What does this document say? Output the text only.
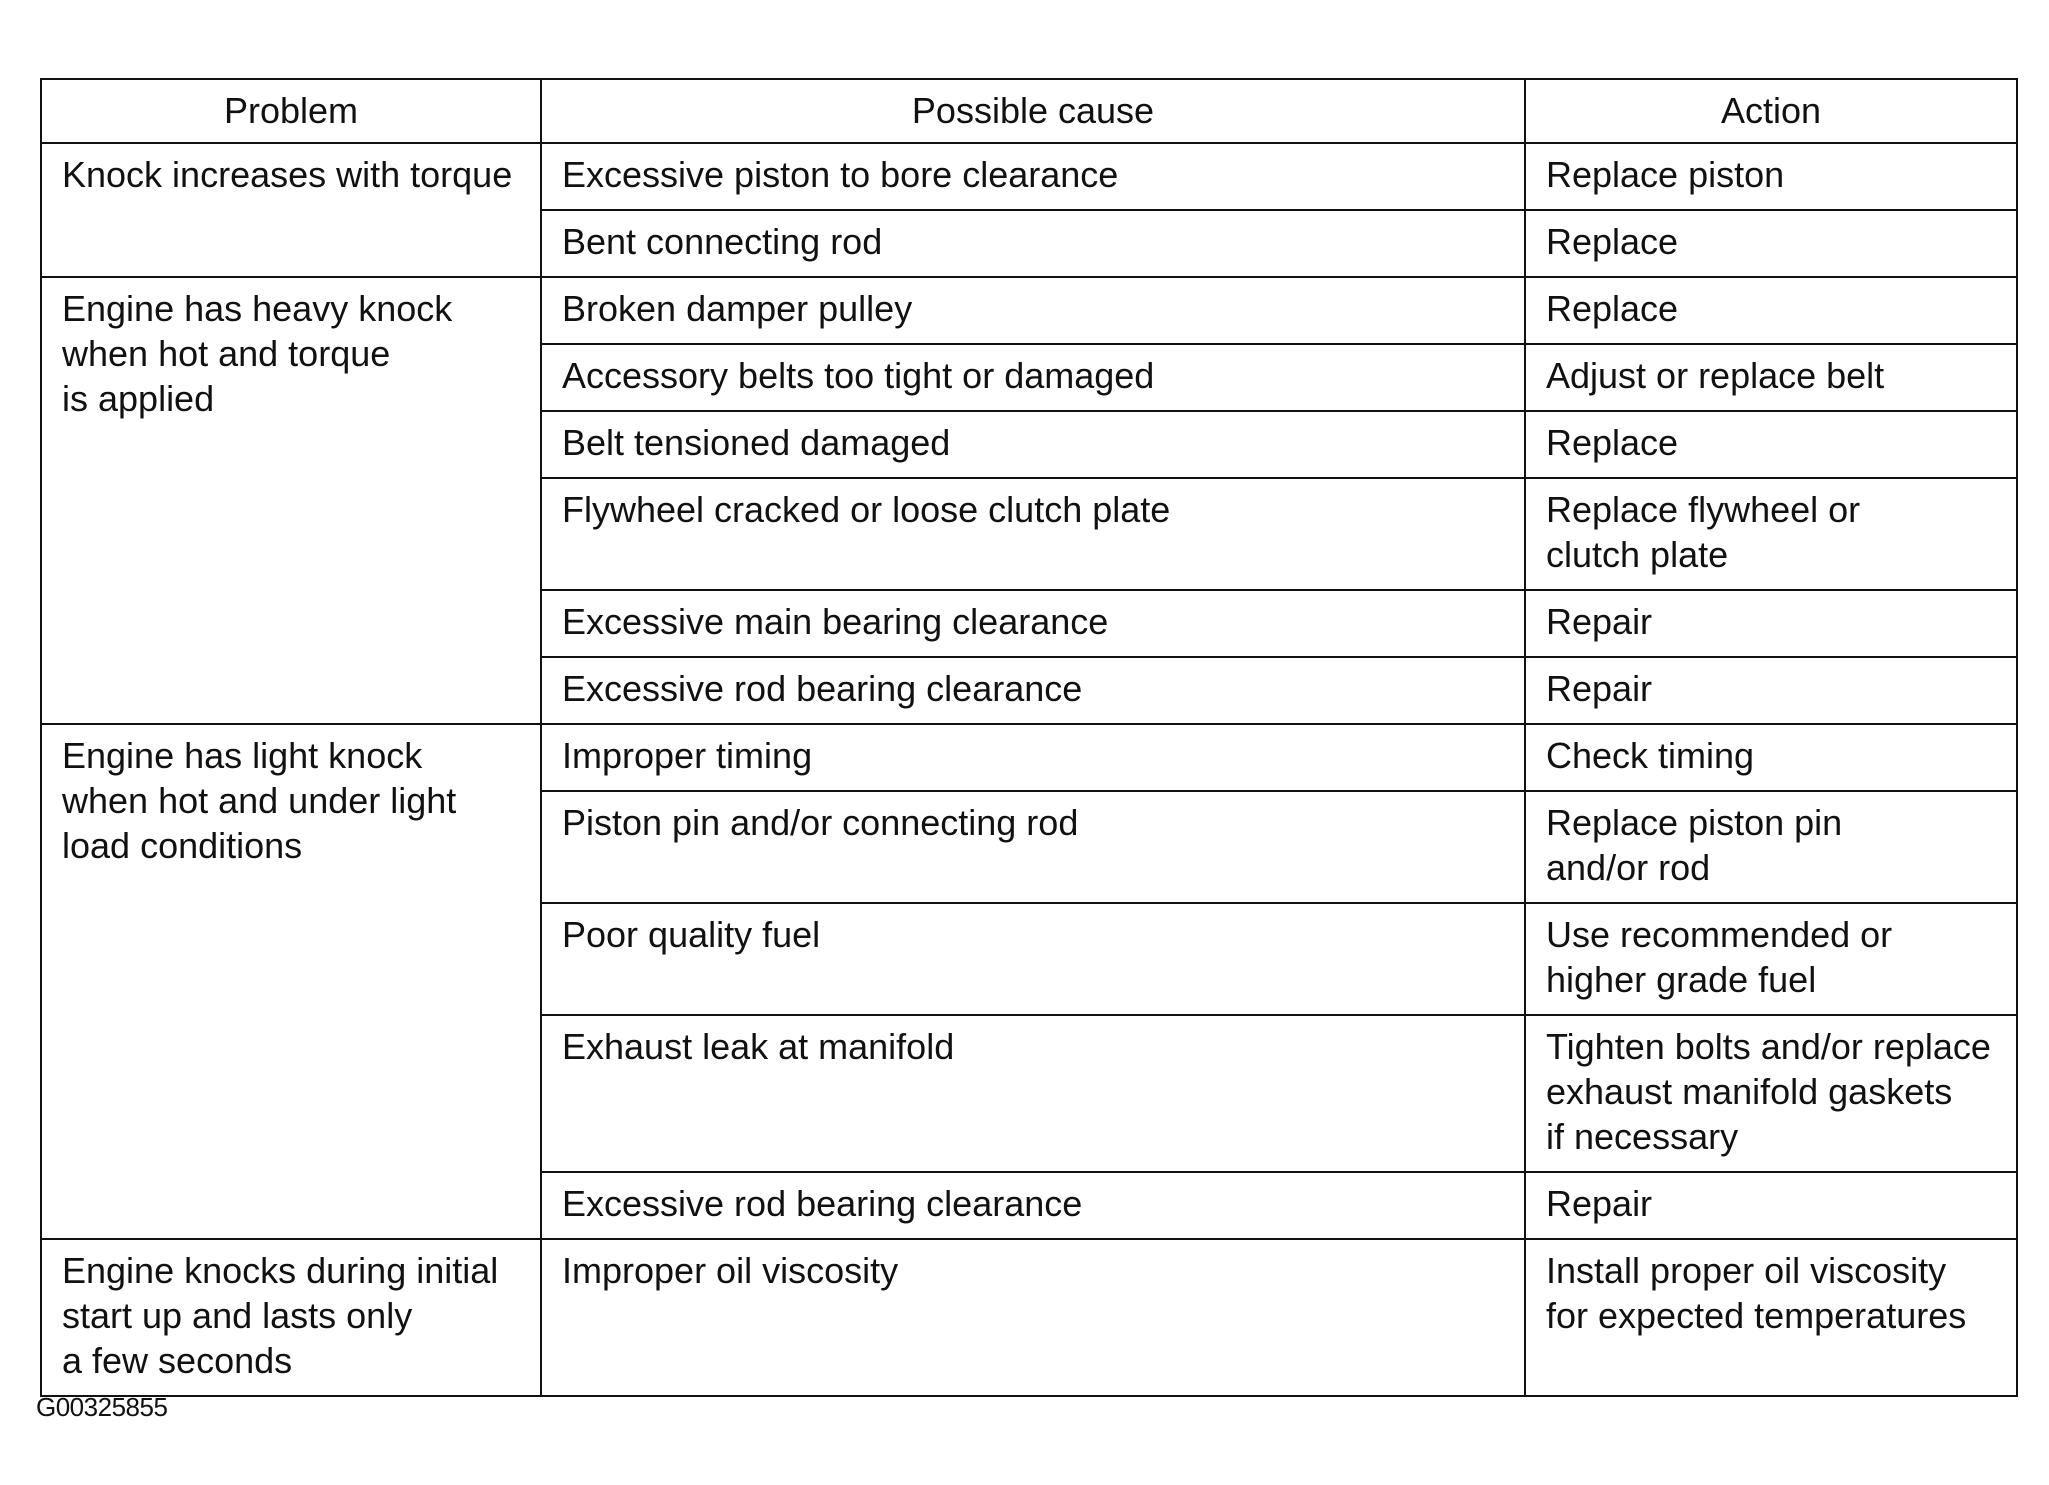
Problem	Possible cause	Action
Knock increases with torque	Excessive piston to bore clearance	Replace piston
	Bent connecting rod	Replace
Engine has heavy knock
when hot and torque
is applied	Broken damper pulley	Replace
	Accessory belts too tight or damaged	Adjust or replace belt
	Belt tensioned damaged	Replace
	Flywheel cracked or loose clutch plate	Replace flywheel or
clutch plate
	Excessive main bearing clearance	Repair
	Excessive rod bearing clearance	Repair
Engine has light knock
when hot and under light
load conditions	Improper timing	Check timing
	Piston pin and/or connecting rod	Replace piston pin
and/or rod
	Poor quality fuel	Use recommended or
higher grade fuel
	Exhaust leak at manifold	Tighten bolts and/or replace
exhaust manifold gaskets
if necessary
	Excessive rod bearing clearance	Repair
Engine knocks during initial
start up and lasts only
a few seconds	Improper oil viscosity	Install proper oil viscosity
for expected temperatures
G00325855
